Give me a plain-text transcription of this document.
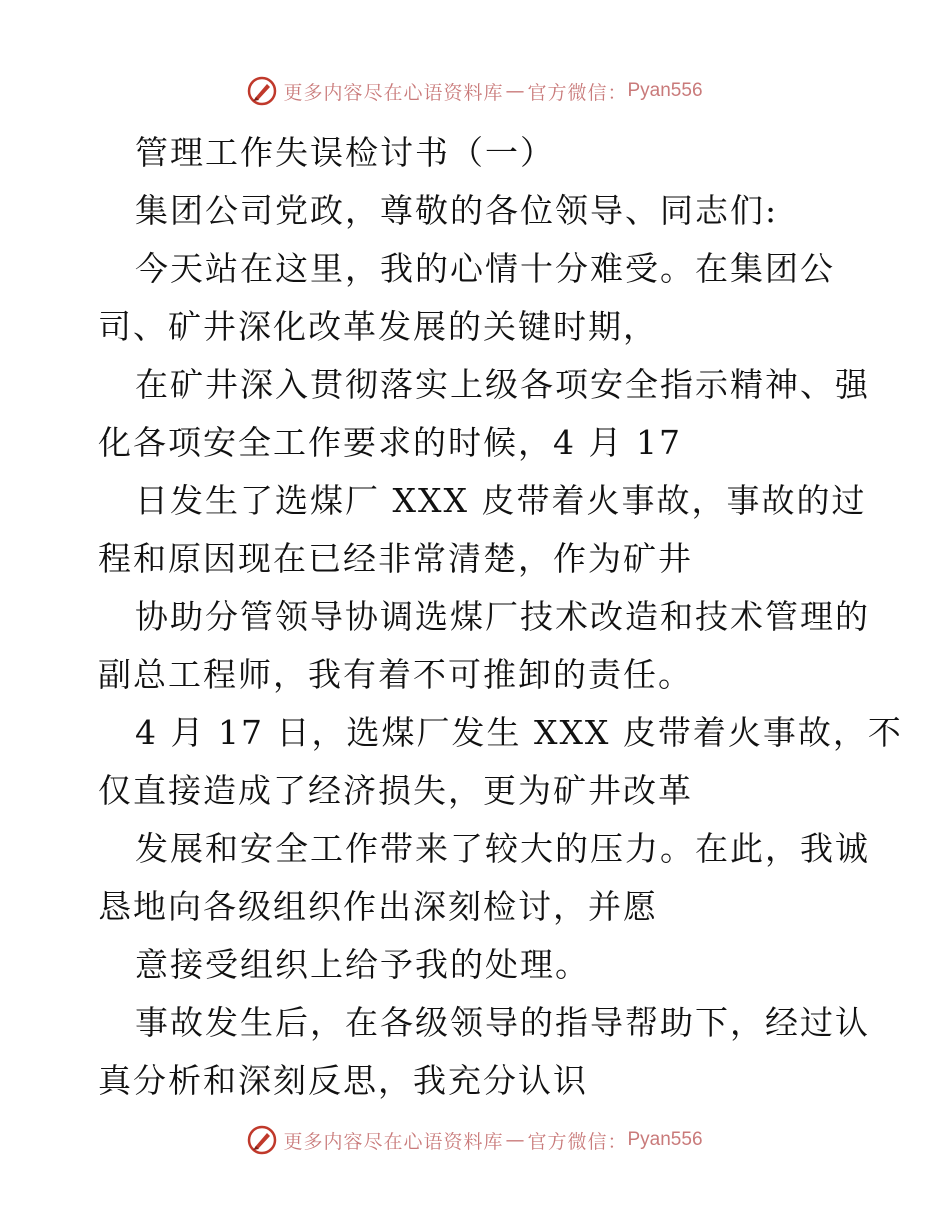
更多内容尽在心语资料库 — 官方微信： Pyan556
管理工作失误检讨书（一）
集团公司党政，尊敬的各位领导、同志们:
今天站在这里，我的心情十分难受。在集团公
司、矿井深化改革发展的关键时期，
在矿井深入贯彻落实上级各项安全指示精神、强
化各项安全工作要求的时候，4 月 17
日发生了选煤厂 XXX 皮带着火事故，事故的过
程和原因现在已经非常清楚，作为矿井
协助分管领导协调选煤厂技术改造和技术管理的
副总工程师，我有着不可推卸的责任。
4 月 17 日，选煤厂发生 XXX 皮带着火事故，不
仅直接造成了经济损失，更为矿井改革
发展和安全工作带来了较大的压力。在此，我诚
恳地向各级组织作出深刻检讨，并愿
意接受组织上给予我的处理。
事故发生后，在各级领导的指导帮助下，经过认
真分析和深刻反思，我充分认识
更多内容尽在心语资料库 — 官方微信： Pyan556
